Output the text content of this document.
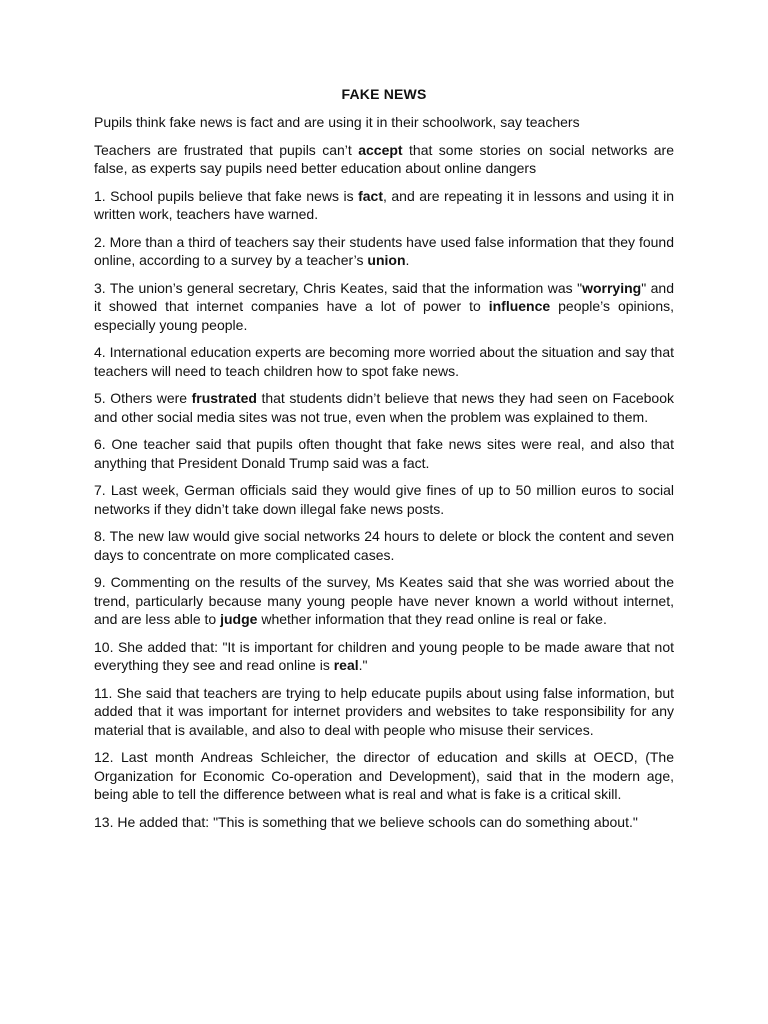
FAKE NEWS

Pupils think fake news is fact and are using it in their schoolwork, say teachers

Teachers are frustrated that pupils can’t accept that some stories on social networks are false, as experts say pupils need better education about online dangers

1. School pupils believe that fake news is fact, and are repeating it in lessons and using it in written work, teachers have warned.

2. More than a third of teachers say their students have used false information that they found online, according to a survey by a teacher’s union.

3. The union’s general secretary, Chris Keates, said that the information was "worrying" and it showed that internet companies have a lot of power to influence people’s opinions, especially young people.

4. International education experts are becoming more worried about the situation and say that teachers will need to teach children how to spot fake news.

5. Others were frustrated that students didn’t believe that news they had seen on Facebook and other social media sites was not true, even when the problem was explained to them.

6. One teacher said that pupils often thought that fake news sites were real, and also that anything that President Donald Trump said was a fact.

7. Last week, German officials said they would give fines of up to 50 million euros to social networks if they didn’t take down illegal fake news posts.

8. The new law would give social networks 24 hours to delete or block the content and seven days to concentrate on more complicated cases.

9. Commenting on the results of the survey, Ms Keates said that she was worried about the trend, particularly because many young people have never known a world without internet, and are less able to judge whether information that they read online is real or fake.

10. She added that: "It is important for children and young people to be made aware that not everything they see and read online is real."

11. She said that teachers are trying to help educate pupils about using false information, but added that it was important for internet providers and websites to take responsibility for any material that is available, and also to deal with people who misuse their services.

12. Last month Andreas Schleicher, the director of education and skills at OECD, (The Organization for Economic Co-operation and Development), said that in the modern age, being able to tell the difference between what is real and what is fake is a critical skill.

13. He added that: "This is something that we believe schools can do something about."
